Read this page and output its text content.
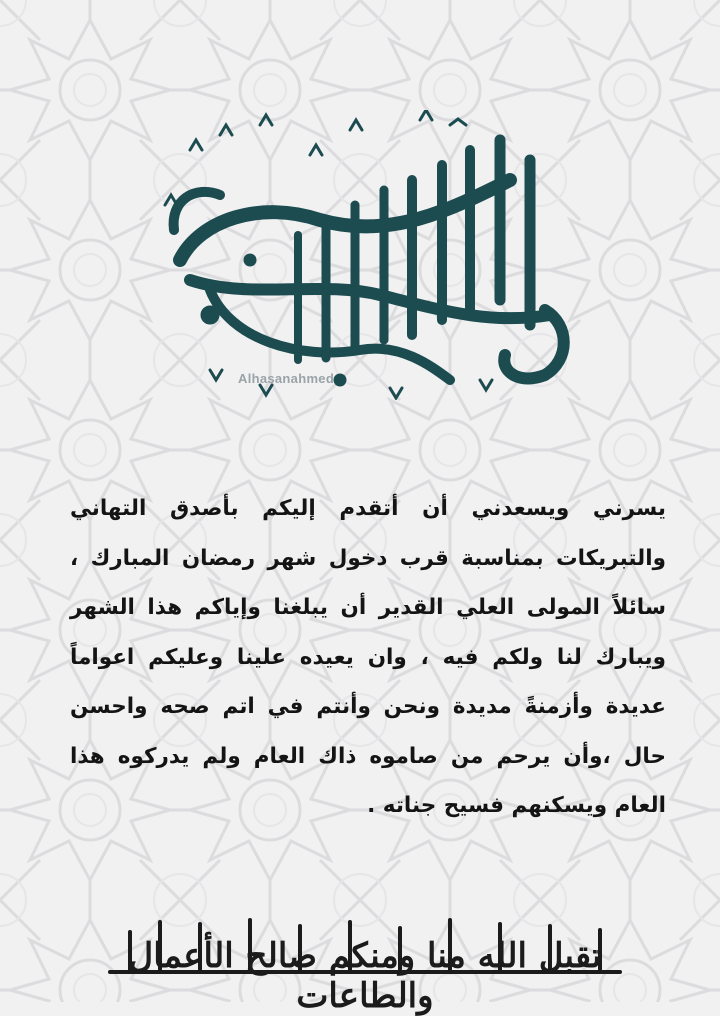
Alhasanahmed

يسرني ويسعدني أن أتقدم إليكم بأصدق التهاني والتبريكات بمناسبة قرب دخول شهر رمضان المبارك ، سائلاً المولى العلي القدير أن يبلغنا وإياكم هذا الشهر ويبارك لنا ولكم فيه ، وان يعيده علينا وعليكم اعواماً عديدة وأزمنةً مديدة ونحن وأنتم في اتم صحه واحسن حال ،وأن يرحم من صاموه ذاك العام ولم يدركوه هذا العام ويسكنهم فسيح جناته .

تقبل الله منا ومنكم صالح الأعمال والطاعات
